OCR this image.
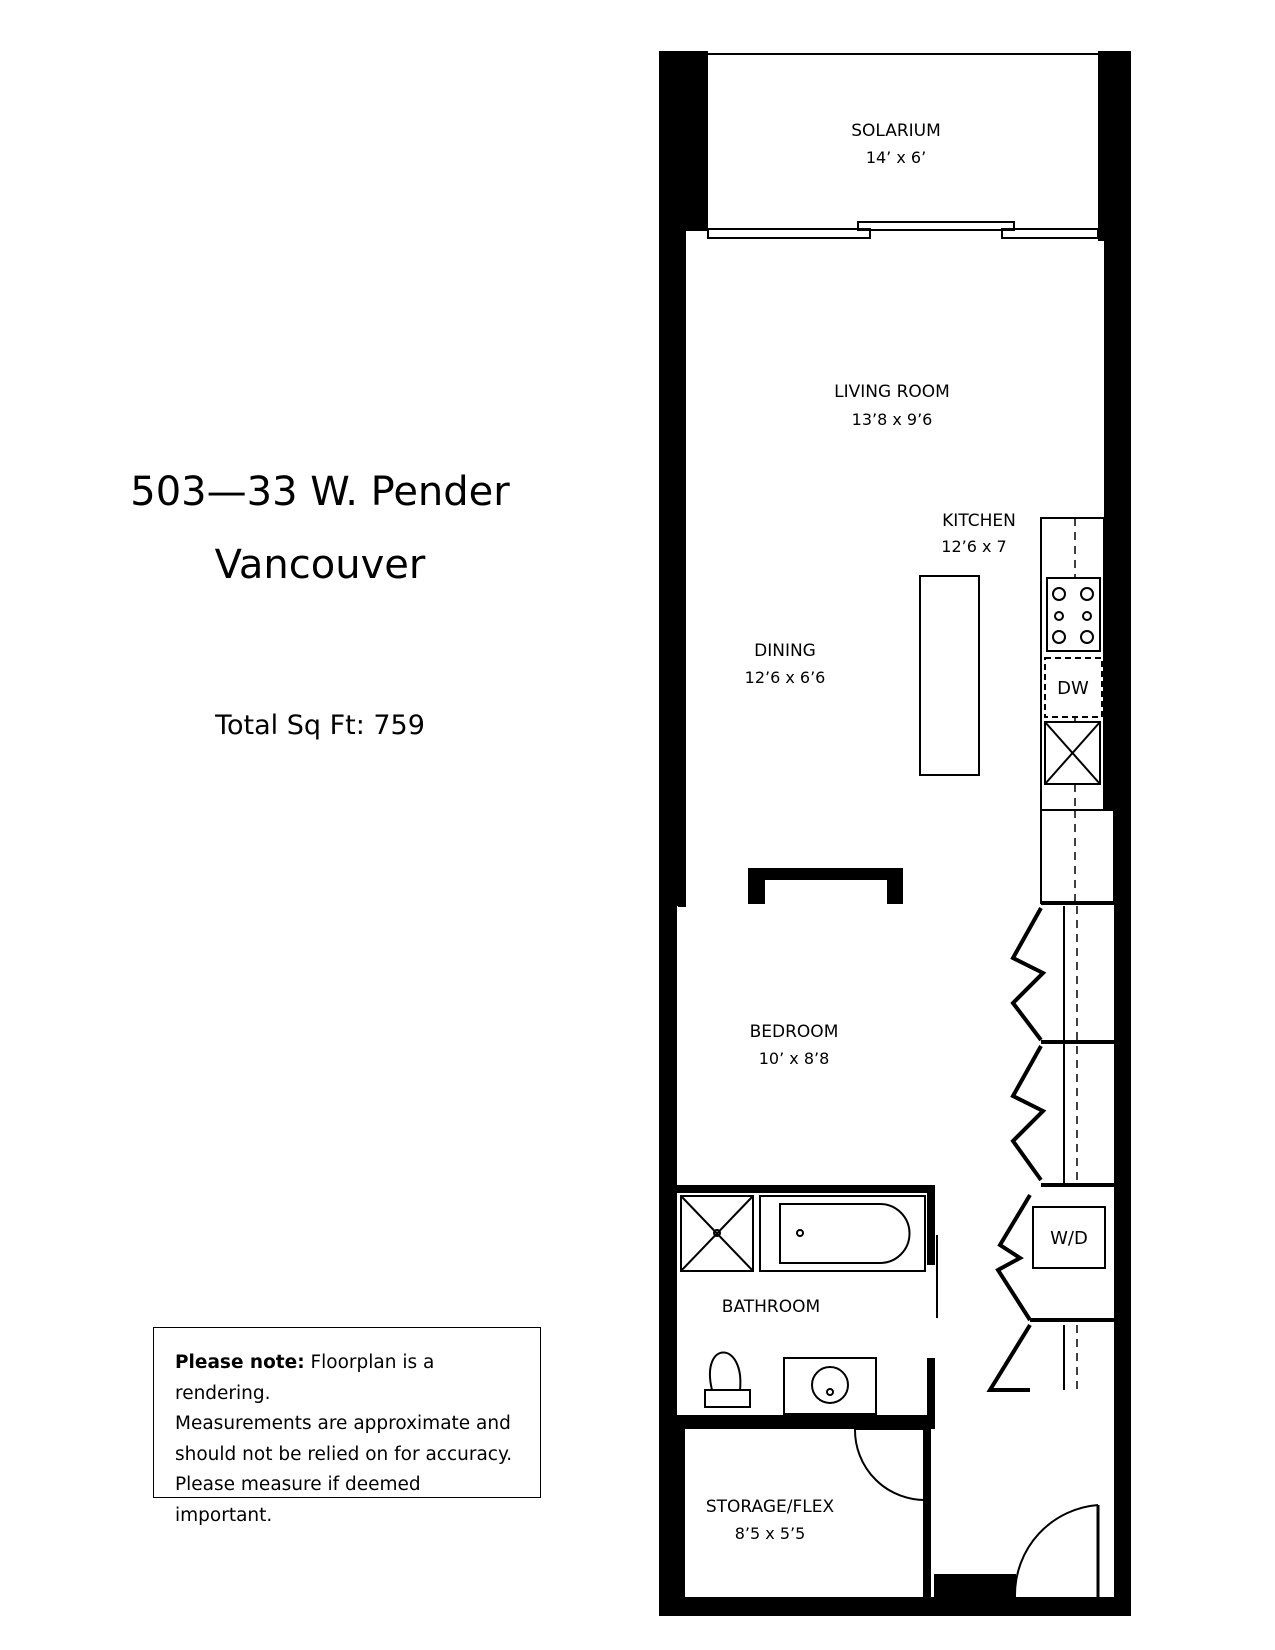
503—33 W. Pender
Vancouver
Total Sq Ft: 759
Please note: Floorplan is a rendering.
Measurements are approximate and
should not be relied on for accuracy.
Please measure if deemed important.
DW
W/D
SOLARIUM
14’ x 6’
LIVING ROOM
13’8 x 9’6
KITCHEN
12’6 x 7
DINING
12’6 x 6’6
BEDROOM
10’ x 8’8
BATHROOM
STORAGE/FLEX
8’5 x 5’5
